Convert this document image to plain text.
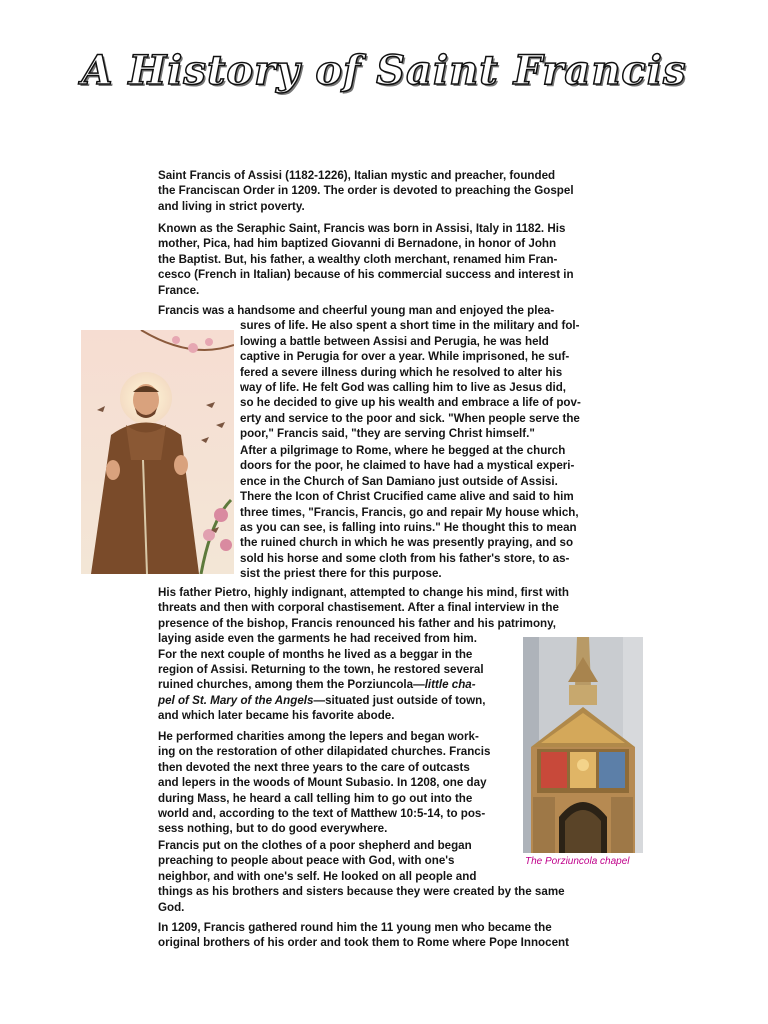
A History of Saint Francis

Saint Francis of Assisi (1182-1226), Italian mystic and preacher, founded
the Franciscan Order in 1209. The order is devoted to preaching the Gospel
and living in strict poverty.

Known as the Seraphic Saint, Francis was born in Assisi, Italy in 1182. His
mother, Pica, had him baptized Giovanni di Bernadone, in honor of John
the Baptist. But, his father, a wealthy cloth merchant, renamed him Fran-
cesco (French in Italian) because of his commercial success and interest in
France.

Francis was a handsome and cheerful young man and enjoyed the plea-
sures of life. He also spent a short time in the military and fol-
lowing a battle between Assisi and Perugia, he was held
captive in Perugia for over a year. While imprisoned, he suf-
fered a severe illness during which he resolved to alter his
way of life. He felt God was calling him to live as Jesus did,
so he decided to give up his wealth and embrace a life of pov-
erty and service to the poor and sick. "When people serve the
poor," Francis said, "they are serving Christ himself."

After a pilgrimage to Rome, where he begged at the church
doors for the poor, he claimed to have had a mystical experi-
ence in the Church of San Damiano just outside of Assisi.
There the Icon of Christ Crucified came alive and said to him
three times, "Francis, Francis, go and repair My house which,
as you can see, is falling into ruins." He thought this to mean
the ruined church in which he was presently praying, and so
sold his horse and some cloth from his father's store, to as-
sist the priest there for this purpose.

His father Pietro, highly indignant, attempted to change his mind, first with
threats and then with corporal chastisement. After a final interview in the
presence of the bishop, Francis renounced his father and his patrimony,
laying aside even the garments he had received from him.
For the next couple of months he lived as a beggar in the
region of Assisi. Returning to the town, he restored several
ruined churches, among them the Porziuncola—little cha-
pel of St. Mary of the Angels—situated just outside of town,
and which later became his favorite abode.

He performed charities among the lepers and began work-
ing on the restoration of other dilapidated churches. Francis
then devoted the next three years to the care of outcasts
and lepers in the woods of Mount Subasio. In 1208, one day
during Mass, he heard a call telling him to go out into the
world and, according to the text of Matthew 10:5-14, to pos-
sess nothing, but to do good everywhere.

Francis put on the clothes of a poor shepherd and began
preaching to people about peace with God, with one's
neighbor, and with one's self. He looked on all people and
things as his brothers and sisters because they were created by the same
God.

In 1209, Francis gathered round him the 11 young men who became the
original brothers of his order and took them to Rome where Pope Innocent

The Porziuncola chapel
